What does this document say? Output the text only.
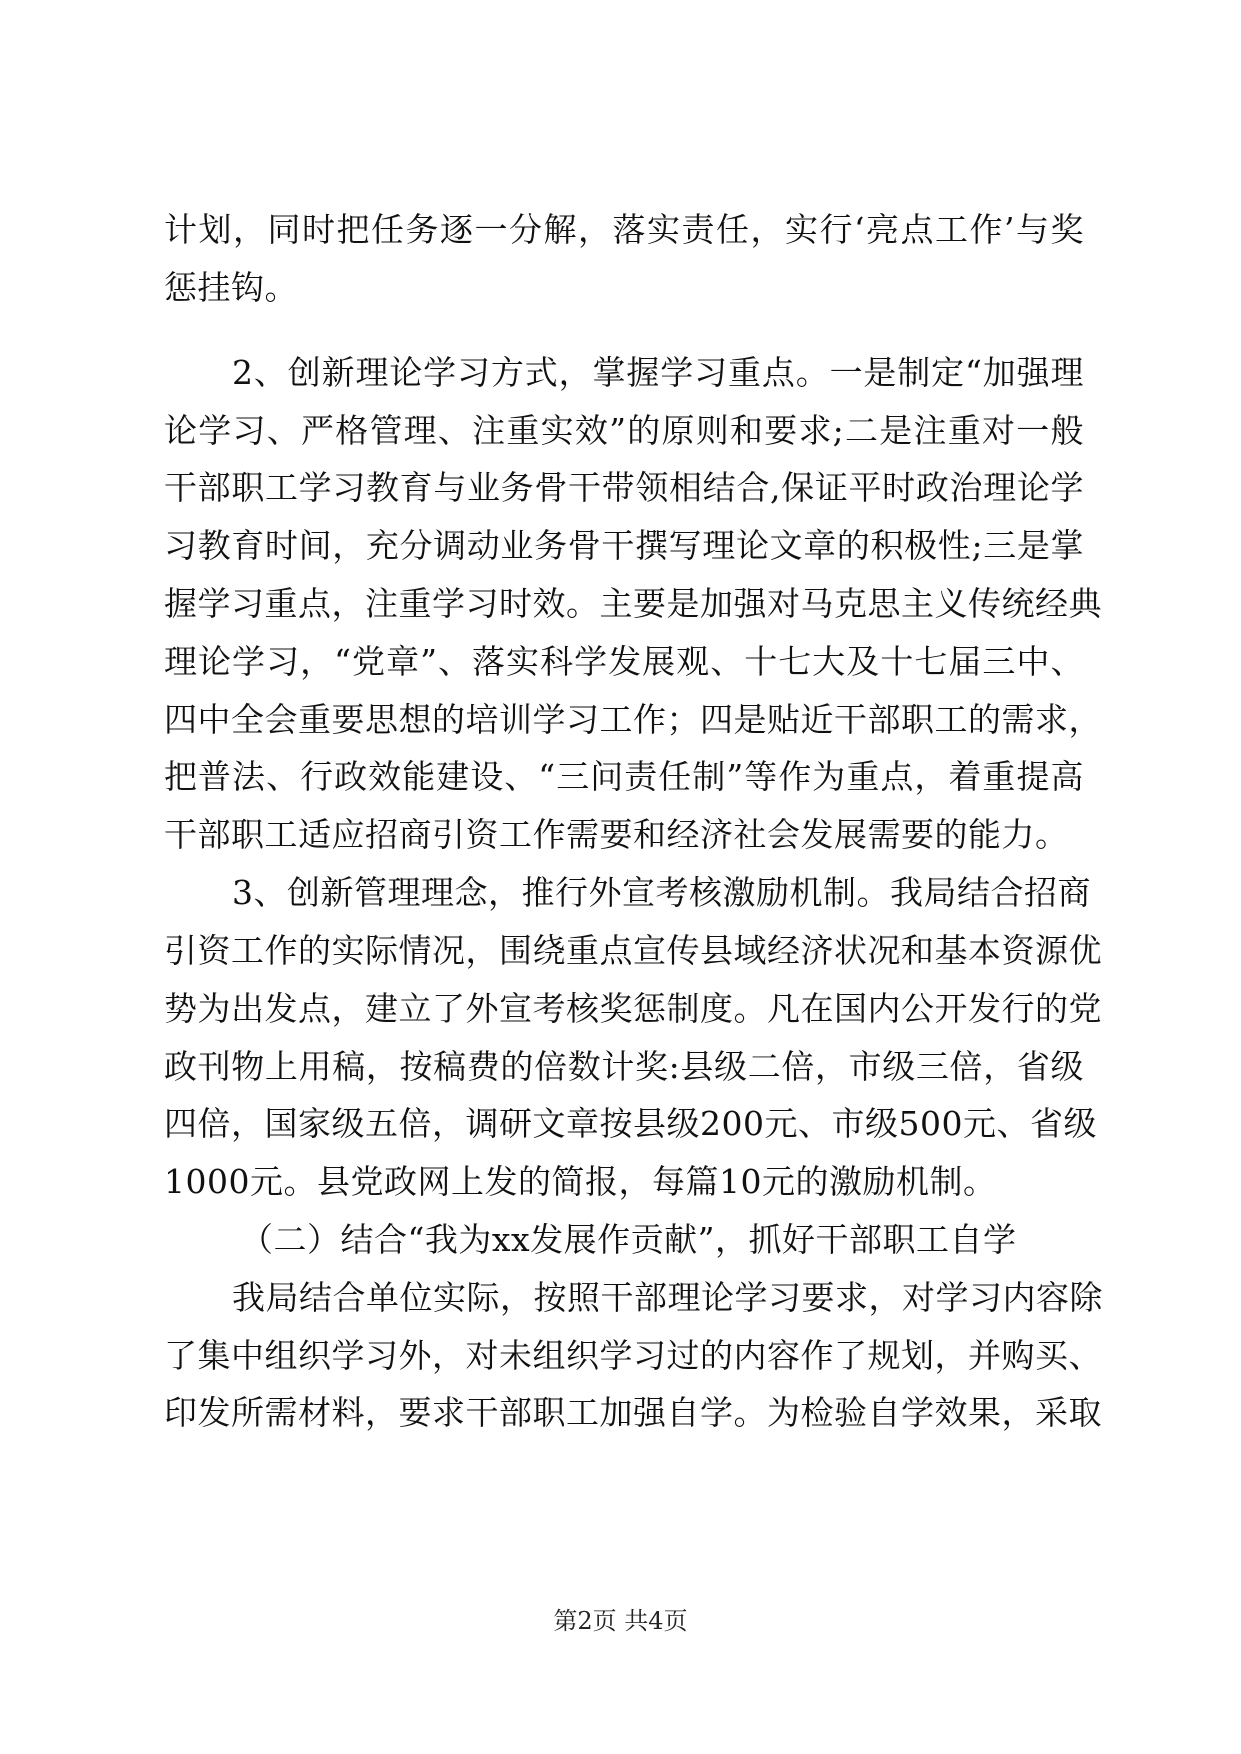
计划，同时把任务逐一分解，落实责任，实行‘亮点工作’与奖
惩挂钩。
2、创新理论学习方式，掌握学习重点。一是制定“加强理
论学习、严格管理、注重实效”的原则和要求;二是注重对一般
干部职工学习教育与业务骨干带领相结合,保证平时政治理论学
习教育时间，充分调动业务骨干撰写理论文章的积极性;三是掌
握学习重点，注重学习时效。主要是加强对马克思主义传统经典
理论学习，“党章”、落实科学发展观、十七大及十七届三中、
四中全会重要思想的培训学习工作；四是贴近干部职工的需求，
把普法、行政效能建设、“三问责任制”等作为重点，着重提高
干部职工适应招商引资工作需要和经济社会发展需要的能力。
3、创新管理理念，推行外宣考核激励机制。我局结合招商
引资工作的实际情况，围绕重点宣传县域经济状况和基本资源优
势为出发点，建立了外宣考核奖惩制度。凡在国内公开发行的党
政刊物上用稿，按稿费的倍数计奖:县级二倍，市级三倍，省级
四倍，国家级五倍，调研文章按县级200元、市级500元、省级
1000元。县党政网上发的简报，每篇10元的激励机制。
（二）结合“我为xx发展作贡献”，抓好干部职工自学
我局结合单位实际，按照干部理论学习要求，对学习内容除
了集中组织学习外，对未组织学习过的内容作了规划，并购买、
印发所需材料，要求干部职工加强自学。为检验自学效果，采取
第2页 共4页
